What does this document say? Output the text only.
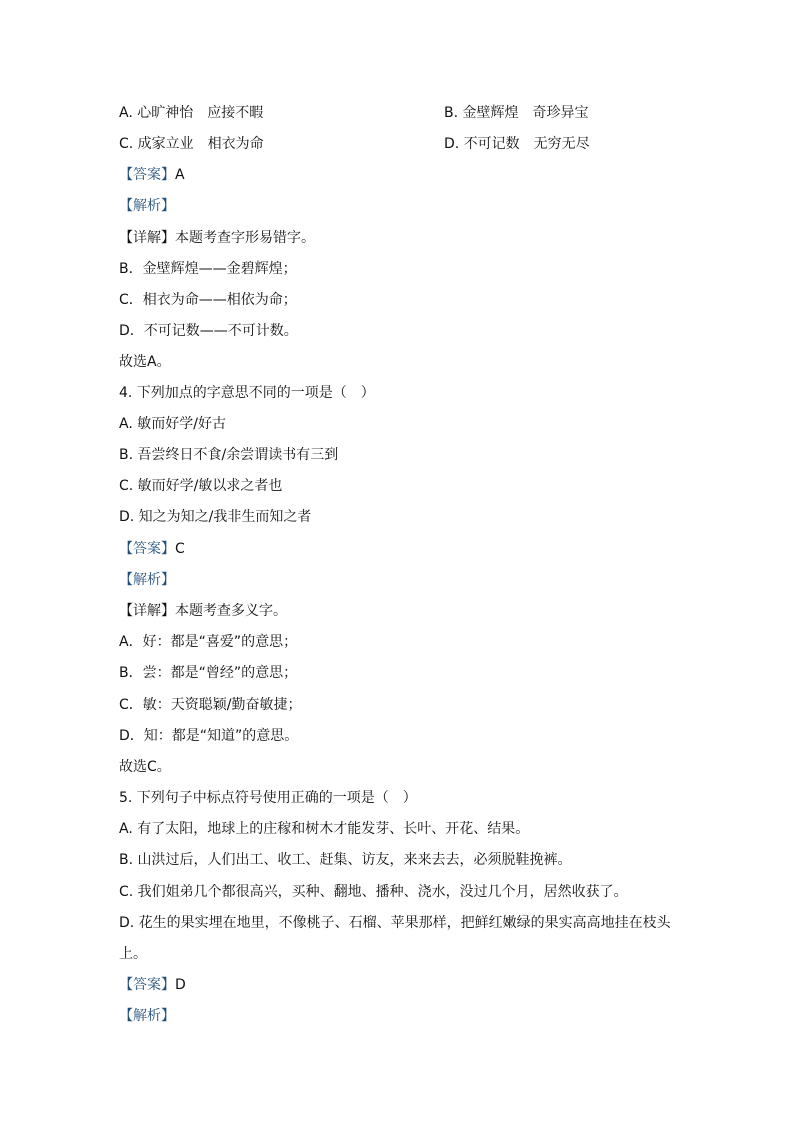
A. 心旷神怡　应接不暇	B. 金壁辉煌　奇珍异宝
C. 成家立业　相衣为命	D. 不可记数　无穷无尽
【答案】A
【解析】
【详解】本题考查字形易错字。
B．金壁辉煌——金碧辉煌；
C．相衣为命——相依为命；
D．不可记数——不可计数。
故选A。
4. 下列加点的字意思不同的一项是（　）
A. 敏而好学/好古
B. 吾尝终日不食/余尝谓读书有三到
C. 敏而好学/敏以求之者也
D. 知之为知之/我非生而知之者
【答案】C
【解析】
【详解】本题考查多义字。
A．好：都是“喜爱”的意思；
B．尝：都是“曾经”的意思；
C．敏：天资聪颖/勤奋敏捷；
D．知：都是“知道”的意思。
故选C。
5. 下列句子中标点符号使用正确的一项是（　）
A. 有了太阳，地球上的庄稼和树木才能发芽、长叶、开花、结果。
B. 山洪过后，人们出工、收工、赶集、访友，来来去去，必须脱鞋挽裤。
C. 我们姐弟几个都很高兴，买种、翻地、播种、浇水，没过几个月，居然收获了。
D. 花生的果实埋在地里，不像桃子、石榴、苹果那样，把鲜红嫩绿的果实高高地挂在枝头上。
【答案】D
【解析】
